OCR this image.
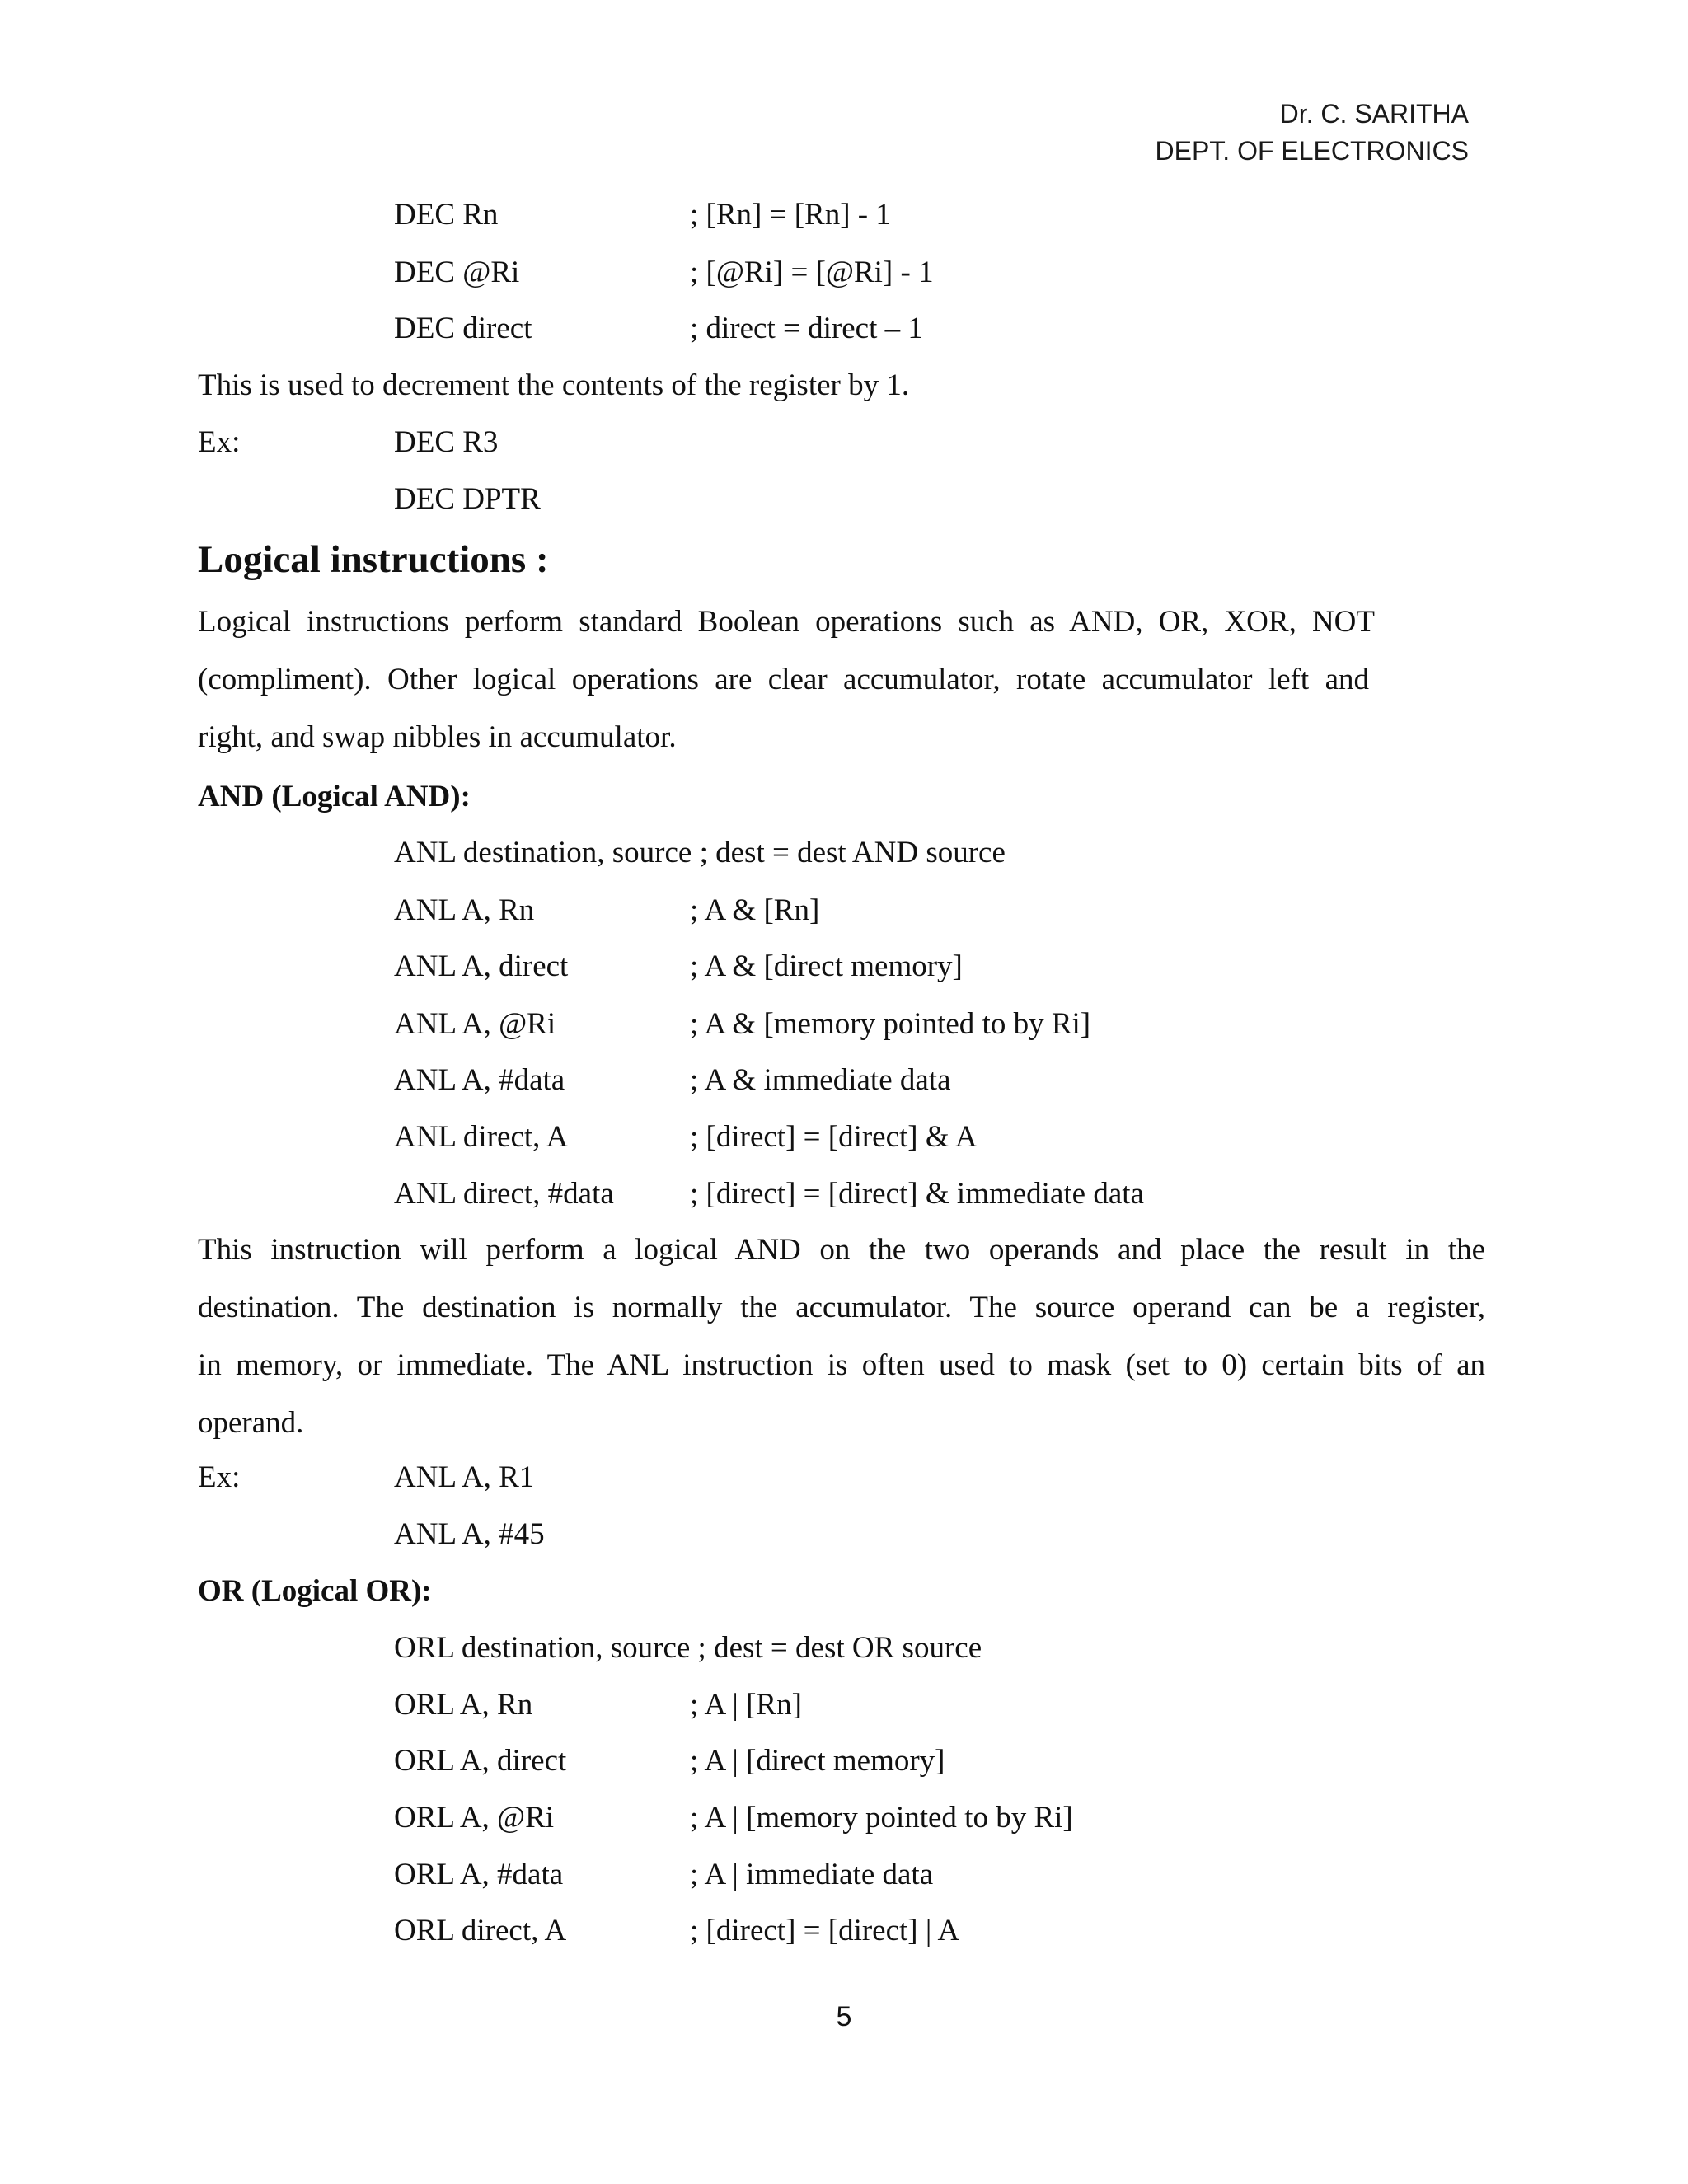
Dr. C. SARITHA
DEPT. OF ELECTRONICS
DEC Rn	; [Rn] = [Rn] - 1
DEC @Ri	; [@Ri] = [@Ri] - 1
DEC direct	; direct = direct – 1
This is used to decrement the contents of the register by 1.
Ex:	DEC R3
DEC DPTR
Logical instructions :
Logical instructions perform standard Boolean operations such as AND, OR, XOR, NOT
(compliment). Other logical operations are clear accumulator, rotate accumulator left and
right, and swap nibbles in accumulator.
AND (Logical AND):
ANL destination, source ; dest = dest AND source
ANL A, Rn	; A & [Rn]
ANL A, direct	; A & [direct memory]
ANL A, @Ri	; A & [memory pointed to by Ri]
ANL A, #data	; A & immediate data
ANL direct, A	; [direct] = [direct] & A
ANL direct, #data ; [direct] = [direct] & immediate data
This instruction will perform a logical AND on the two operands and place the result in the
destination. The destination is normally the accumulator. The source operand can be a register,
in memory, or immediate. The ANL instruction is often used to mask (set to 0) certain bits of an
operand.
Ex:	ANL A, R1
ANL A, #45
OR (Logical OR):
ORL destination, source ; dest = dest OR source
ORL A, Rn	; A | [Rn]
ORL A, direct	; A | [direct memory]
ORL A, @Ri	; A | [memory pointed to by Ri]
ORL A, #data	; A | immediate data
ORL direct, A	; [direct] = [direct] | A
5
